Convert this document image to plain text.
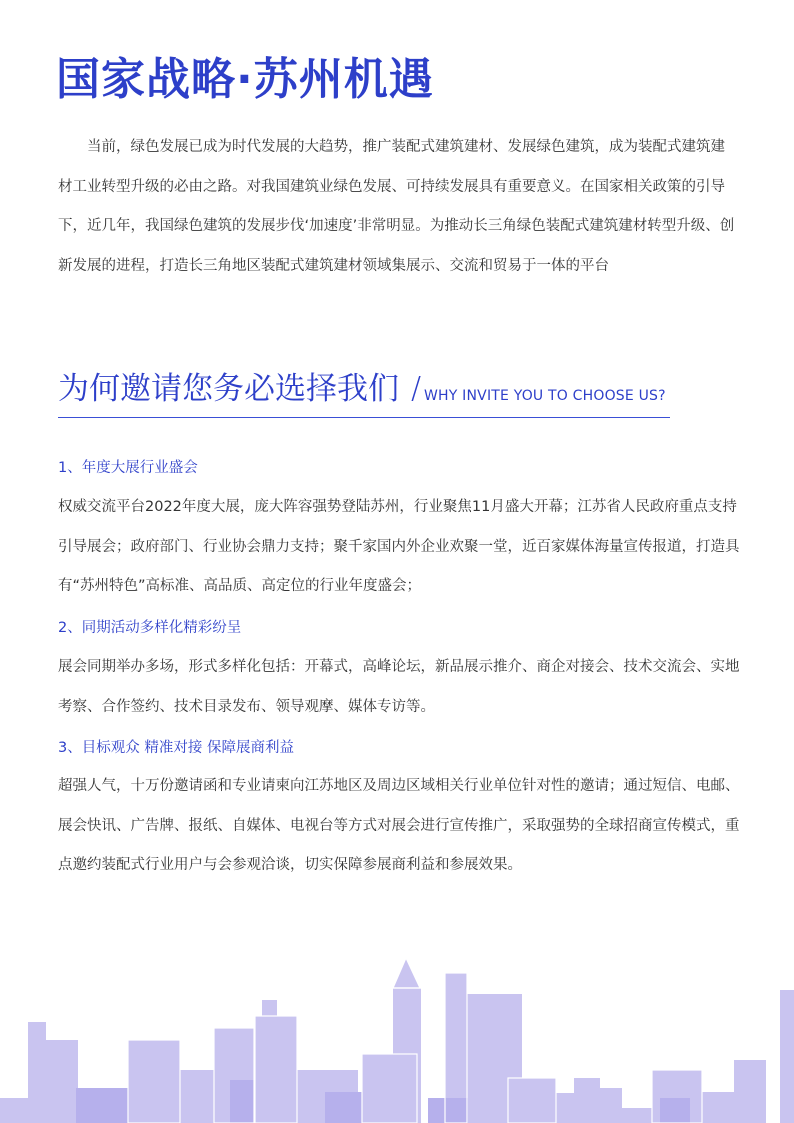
国家战略·苏州机遇

当前，绿色发展已成为时代发展的大趋势，推广装配式建筑建材、发展绿色建筑，成为装配式建筑建材工业转型升级的必由之路。对我国建筑业绿色发展、可持续发展具有重要意义。在国家相关政策的引导下，近几年，我国绿色建筑的发展步伐‘加速度’非常明显。为推动长三角绿色装配式建筑建材转型升级、创新发展的进程，打造长三角地区装配式建筑建材领域集展示、交流和贸易于一体的平台

为何邀请您务必选择我们 / WHY INVITE YOU TO CHOOSE US?

1、年度大展行业盛会

权威交流平台2022年度大展，庞大阵容强势登陆苏州，行业聚焦11月盛大开幕；江苏省人民政府重点支持引导展会；政府部门、行业协会鼎力支持；聚千家国内外企业欢聚一堂，近百家媒体海量宣传报道，打造具有“苏州特色”高标准、高品质、高定位的行业年度盛会；

2、同期活动多样化精彩纷呈

展会同期举办多场，形式多样化包括：开幕式，高峰论坛，新品展示推介、商企对接会、技术交流会、实地考察、合作签约、技术目录发布、领导观摩、媒体专访等。

3、目标观众 精准对接 保障展商利益

超强人气，十万份邀请函和专业请柬向江苏地区及周边区域相关行业单位针对性的邀请；通过短信、电邮、展会快讯、广告牌、报纸、自媒体、电视台等方式对展会进行宣传推广，采取强势的全球招商宣传模式，重点邀约装配式行业用户与会参观洽谈，切实保障参展商利益和参展效果。
